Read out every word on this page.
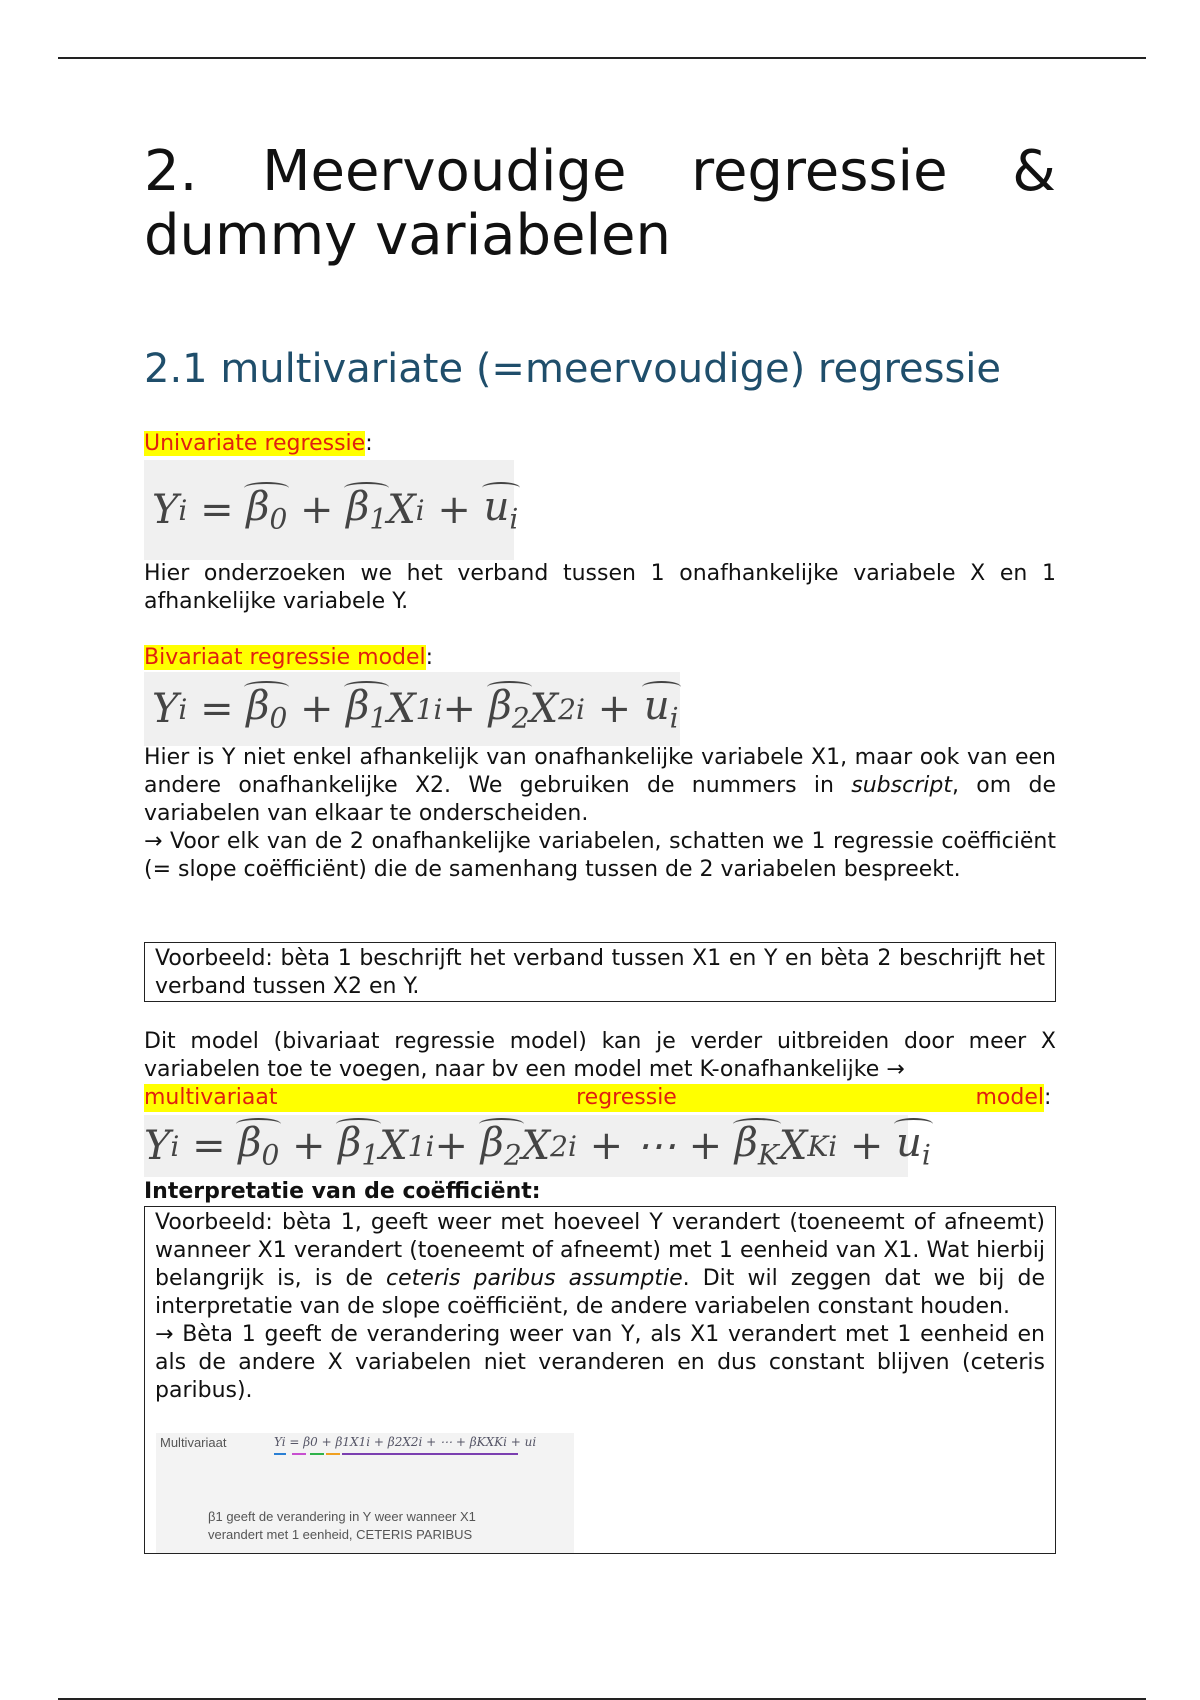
2. Meervoudige regressie &
dummy variabelen
2.1 multivariate (=meervoudige) regressie
Univariate regressie:
Y $i = \beta_0 + \beta_1$ X $i + u_i$
Hier onderzoeken we het verband tussen 1 onafhankelijke variabele X en 1 afhankelijke variabele Y.
Bivariaat regressie model:
Y $i = \beta_0 + \beta_1$ X $1i + \beta_2$ X $2i + u_i$
Hier is Y niet enkel afhankelijk van onafhankelijke variabele X1, maar ook van een andere onafhankelijke X2. We gebruiken de nummers in subscript, om de variabelen van elkaar te onderscheiden.
→ Voor elk van de 2 onafhankelijke variabelen, schatten we 1 regressie coëfficiënt (= slope coëfficiënt) die de samenhang tussen de 2 variabelen bespreekt.
Voorbeeld: bèta 1 beschrijft het verband tussen X1 en Y en bèta 2 beschrijft het verband tussen X2 en Y.
Dit model (bivariaat regressie model) kan je verder uitbreiden door meer X variabelen toe te voegen, naar bv een model met K-onafhankelijke →
multivariaat	regressie	model :
Y $i = \beta_0 + \beta_1$ X $1i + \beta_2$ X 2i + ⋯ + $\beta_K$ X $Ki + u_i$
Interpretatie van de coëfficiënt:
Voorbeeld: bèta 1, geeft weer met hoeveel Y verandert (toeneemt of afneemt) wanneer X1 verandert (toeneemt of afneemt) met 1 eenheid van X1. Wat hierbij belangrijk is, is de ceteris paribus assumptie. Dit wil zeggen dat we bij de interpretatie van de slope coëfficiënt, de andere variabelen constant houden.
→ Bèta 1 geeft de verandering weer van Y, als X1 verandert met 1 eenheid en als de andere X variabelen niet veranderen en dus constant blijven (ceteris paribus).
Multivariaat	Yi = β0 + β1X1i + β2X2i + ⋯ + βKXKi + ui
β1 geeft de verandering in Y weer wanneer X1
verandert met 1 eenheid, CETERIS PARIBUS
